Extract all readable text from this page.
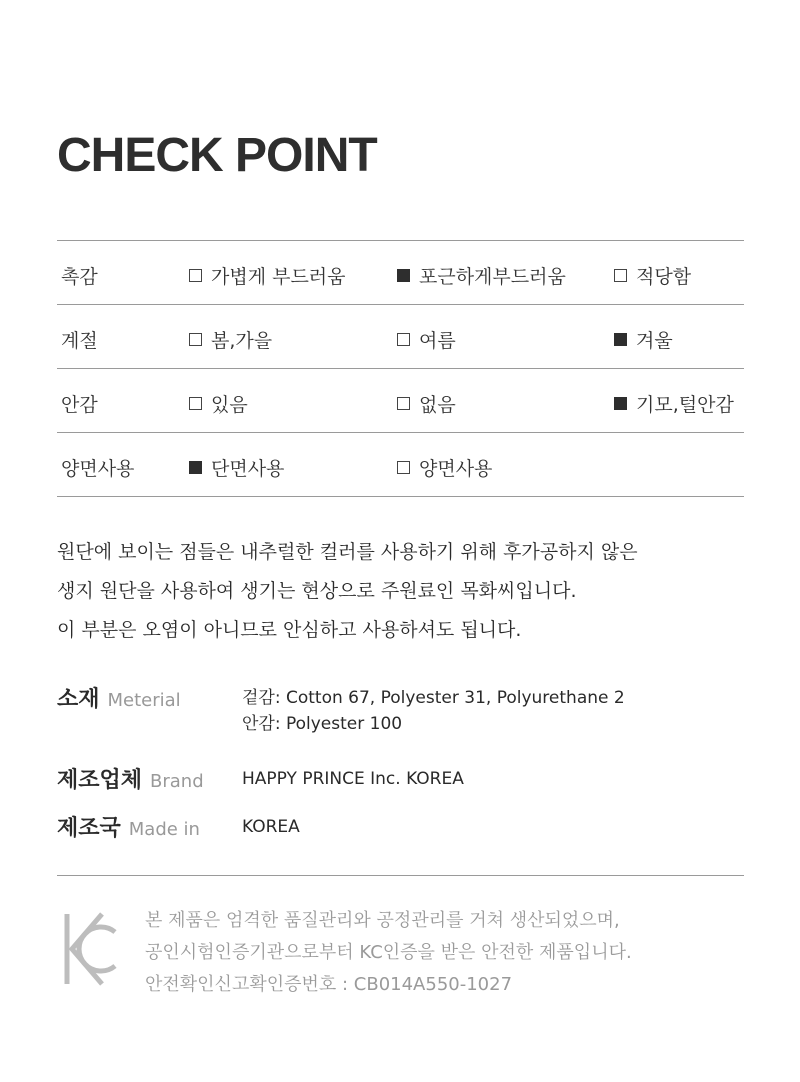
CHECK POINT
촉감	가볍게 부드러움	포근하게부드러움	적당함
계절	봄,가을	여름	겨울
안감	있음	없음	기모,털안감
양면사용	단면사용	양면사용
원단에 보이는 점들은 내추럴한 컬러를 사용하기 위해 후가공하지 않은
생지 원단을 사용하여 생기는 현상으로 주원료인 목화씨입니다.
이 부분은 오염이 아니므로 안심하고 사용하셔도 됩니다.
소재 Meterial	겉감: Cotton 67, Polyester 31, Polyurethane 2
안감: Polyester 100
제조업체 Brand HAPPY PRINCE Inc. KOREA
제조국 Made in KOREA
본 제품은 엄격한 품질관리와 공정관리를 거쳐 생산되었으며,
공인시험인증기관으로부터 KC인증을 받은 안전한 제품입니다.
안전확인신고확인증번호 : CB014A550-1027
